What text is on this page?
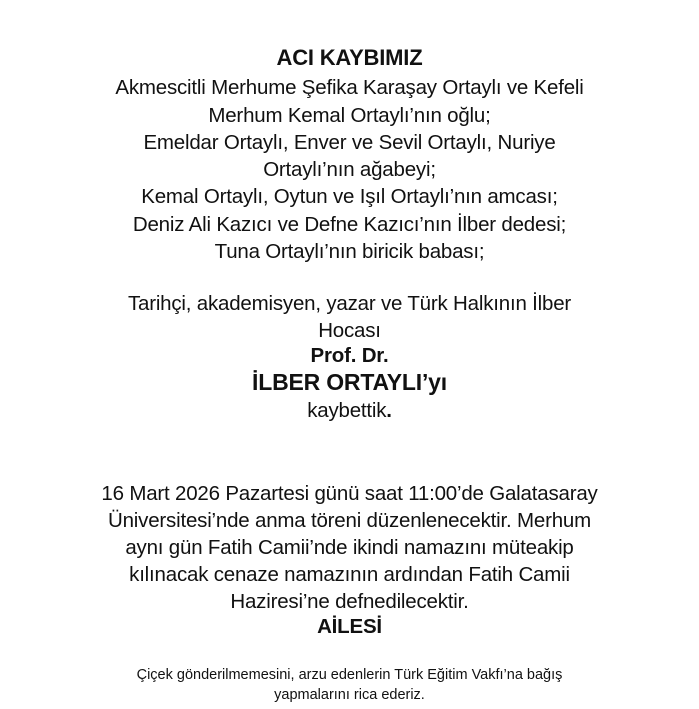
ACI KAYBIMIZ
Akmescitli Merhume Şefika Karaşay Ortaylı ve Kefeli
Merhum Kemal Ortaylı’nın oğlu;
Emeldar Ortaylı, Enver ve Sevil Ortaylı, Nuriye
Ortaylı’nın ağabeyi;
Kemal Ortaylı, Oytun ve Işıl Ortaylı’nın amcası;
Deniz Ali Kazıcı ve Defne Kazıcı’nın İlber dedesi;
Tuna Ortaylı’nın biricik babası;
Tarihçi, akademisyen, yazar ve Türk Halkının İlber
Hocası
Prof. Dr.
İLBER ORTAYLI’yı
kaybettik.
16 Mart 2026 Pazartesi günü saat 11:00’de Galatasaray
Üniversitesi’nde anma töreni düzenlenecektir. Merhum
aynı gün Fatih Camii’nde ikindi namazını müteakip
kılınacak cenaze namazının ardından Fatih Camii
Haziresi’ne defnedilecektir.
AİLESİ
Çiçek gönderilmemesini, arzu edenlerin Türk Eğitim Vakfı’na bağış
yapmalarını rica ederiz.
